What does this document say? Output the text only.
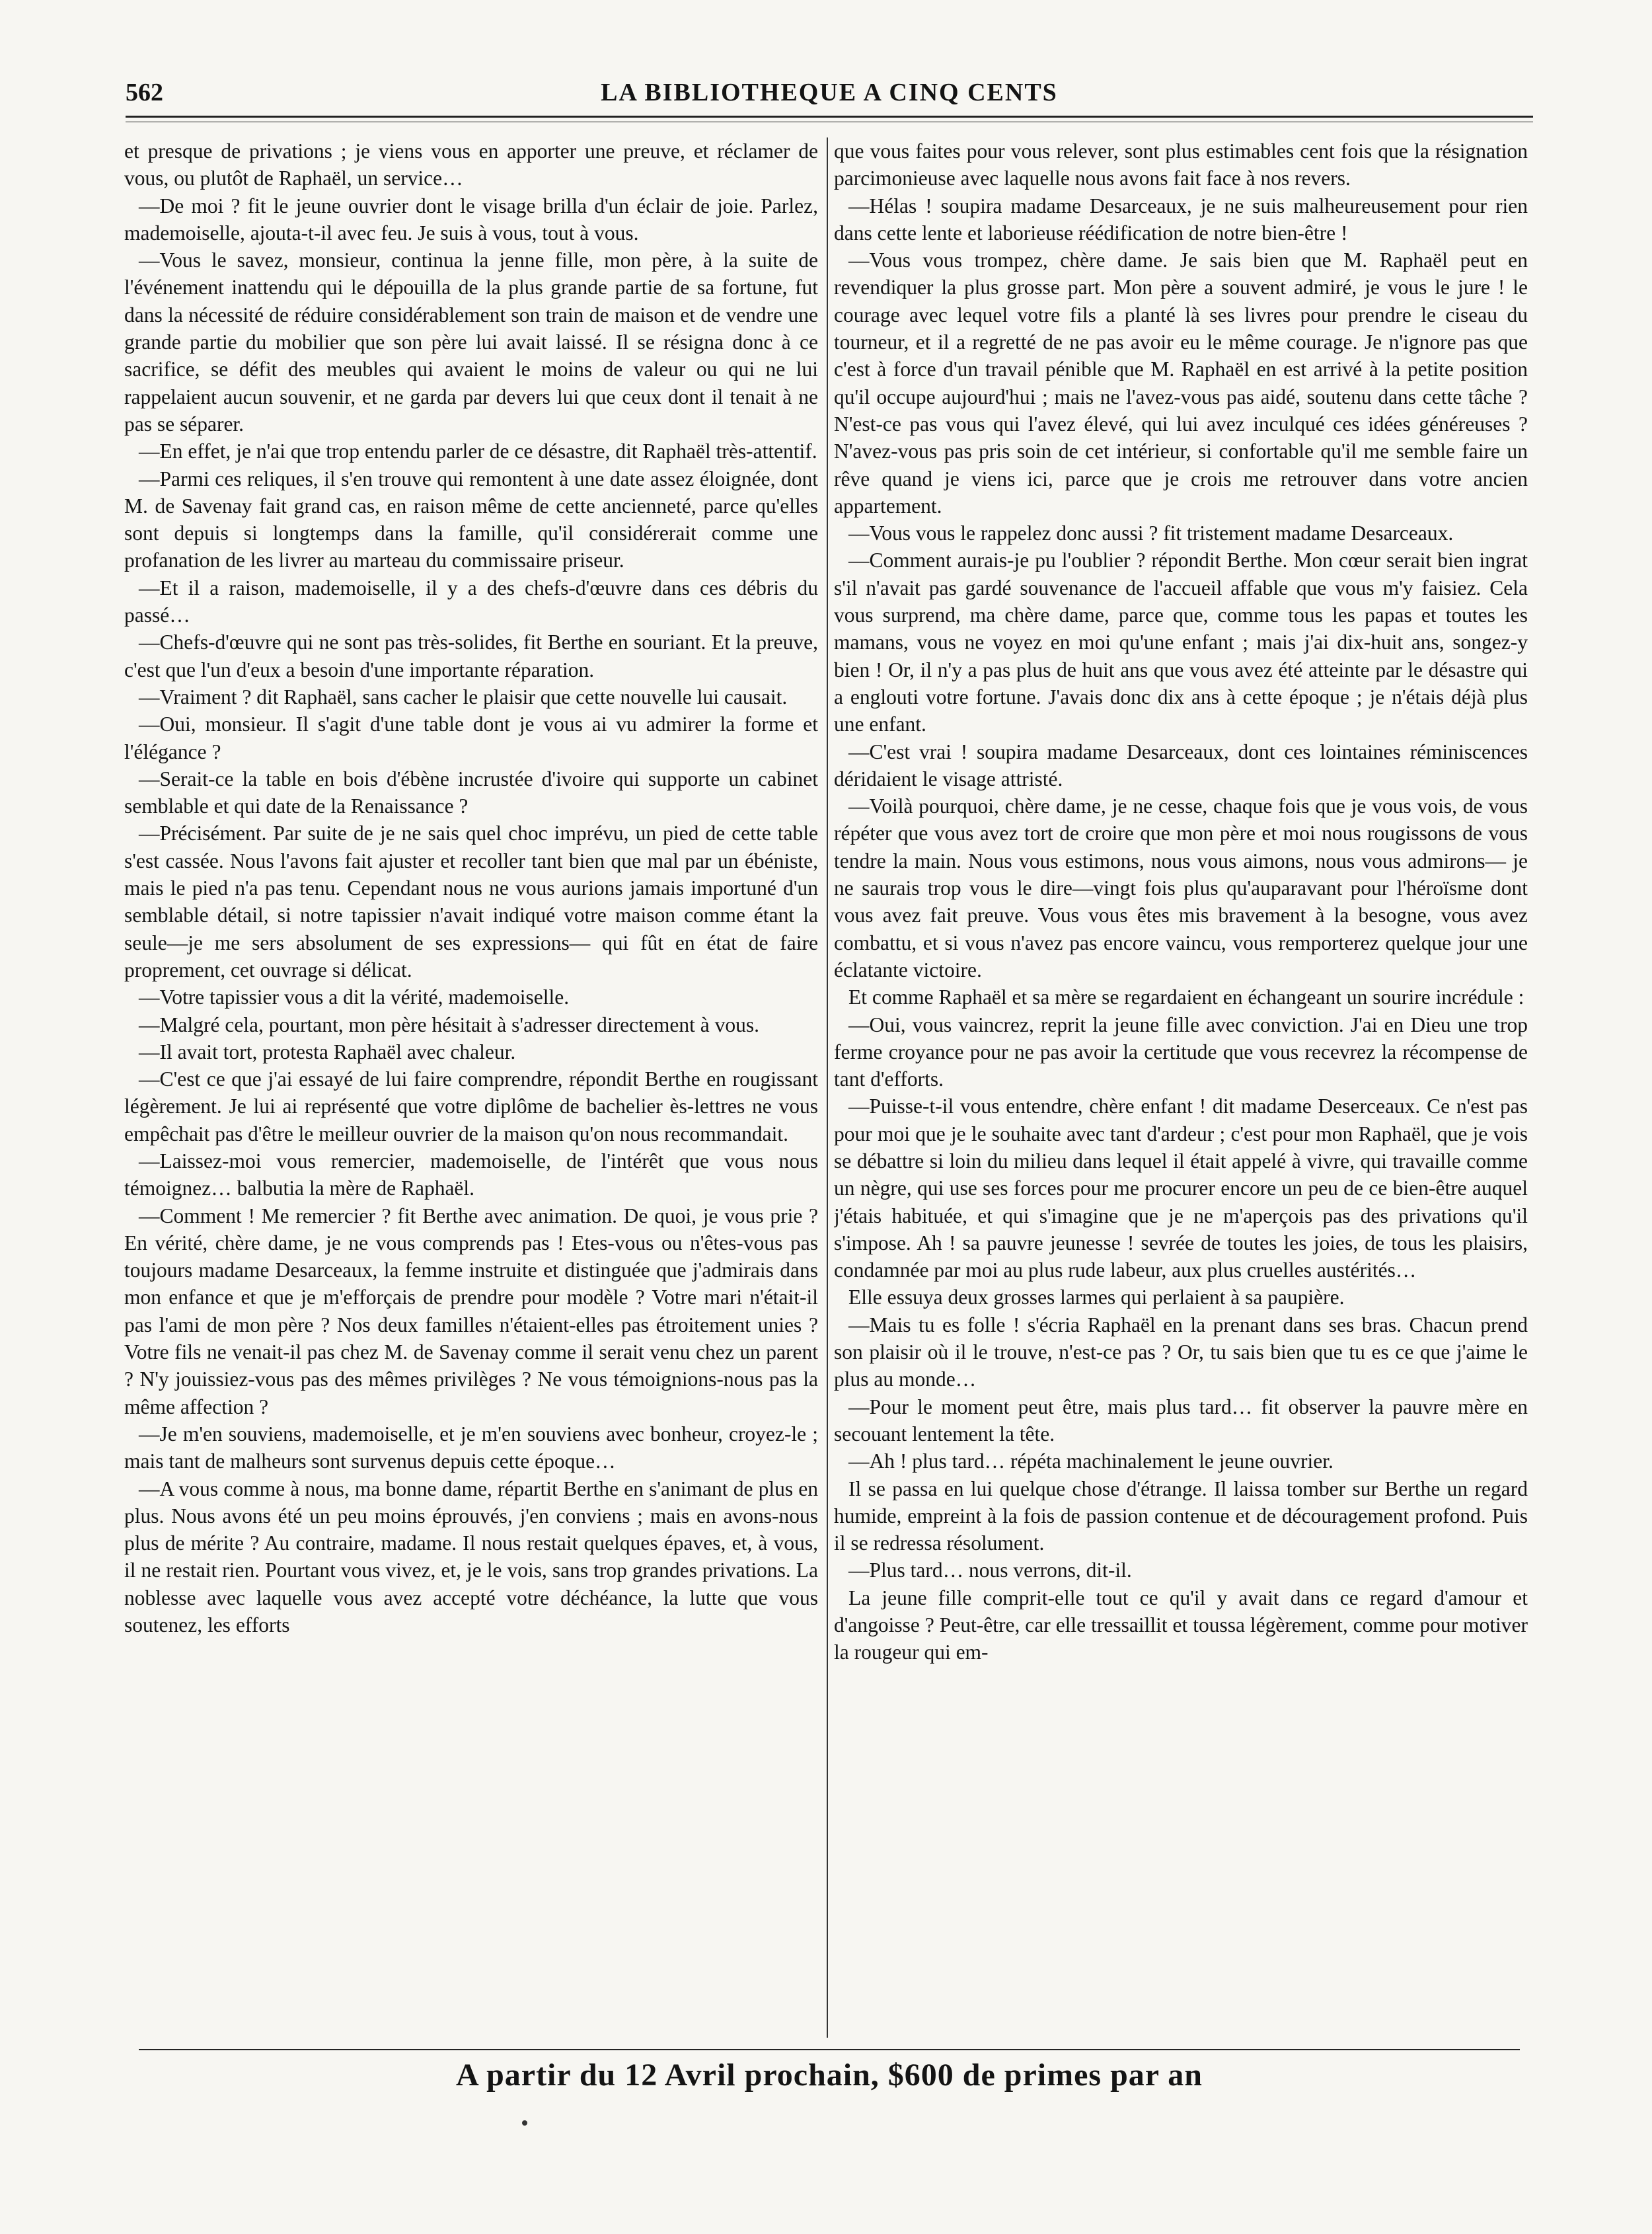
562	LA BIBLIOTHEQUE A CINQ CENTS

et presque de privations ; je viens vous en apporter une preuve, et réclamer de vous, ou plutôt de Raphaël, un service…

—De moi ? fit le jeune ouvrier dont le visage brilla d'un éclair de joie. Parlez, mademoiselle, ajouta-t-il avec feu. Je suis à vous, tout à vous.

—Vous le savez, monsieur, continua la jenne fille, mon père, à la suite de l'événement inattendu qui le dépouilla de la plus grande partie de sa fortune, fut dans la nécessité de réduire considérablement son train de maison et de vendre une grande partie du mobilier que son père lui avait laissé. Il se résigna donc à ce sacrifice, se défit des meubles qui avaient le moins de valeur ou qui ne lui rappelaient aucun souvenir, et ne garda par devers lui que ceux dont il tenait à ne pas se séparer.

—En effet, je n'ai que trop entendu parler de ce désastre, dit Raphaël très-attentif.

—Parmi ces reliques, il s'en trouve qui remontent à une date assez éloignée, dont M. de Savenay fait grand cas, en raison même de cette ancienneté, parce qu'elles sont depuis si longtemps dans la famille, qu'il considérerait comme une profanation de les livrer au marteau du commissaire priseur.

—Et il a raison, mademoiselle, il y a des chefs-d'œuvre dans ces débris du passé…

—Chefs-d'œuvre qui ne sont pas très-solides, fit Berthe en souriant. Et la preuve, c'est que l'un d'eux a besoin d'une importante réparation.

—Vraiment ? dit Raphaël, sans cacher le plaisir que cette nouvelle lui causait.

—Oui, monsieur. Il s'agit d'une table dont je vous ai vu admirer la forme et l'élégance ?

—Serait-ce la table en bois d'ébène incrustée d'ivoire qui supporte un cabinet semblable et qui date de la Renaissance ?

—Précisément. Par suite de je ne sais quel choc imprévu, un pied de cette table s'est cassée. Nous l'avons fait ajuster et recoller tant bien que mal par un ébéniste, mais le pied n'a pas tenu. Cependant nous ne vous aurions jamais importuné d'un semblable détail, si notre tapissier n'avait indiqué votre maison comme étant la seule—je me sers absolument de ses expressions— qui fût en état de faire proprement, cet ouvrage si délicat.

—Votre tapissier vous a dit la vérité, mademoiselle.

—Malgré cela, pourtant, mon père hésitait à s'adresser directement à vous.

—Il avait tort, protesta Raphaël avec chaleur.

—C'est ce que j'ai essayé de lui faire comprendre, répondit Berthe en rougissant légèrement. Je lui ai représenté que votre diplôme de bachelier ès-lettres ne vous empêchait pas d'être le meilleur ouvrier de la maison qu'on nous recommandait.

—Laissez-moi vous remercier, mademoiselle, de l'intérêt que vous nous témoignez… balbutia la mère de Raphaël.

—Comment ! Me remercier ? fit Berthe avec animation. De quoi, je vous prie ? En vérité, chère dame, je ne vous comprends pas ! Etes-vous ou n'êtes-vous pas toujours madame Desarceaux, la femme instruite et distinguée que j'admirais dans mon enfance et que je m'efforçais de prendre pour modèle ? Votre mari n'était-il pas l'ami de mon père ? Nos deux familles n'étaient-elles pas étroitement unies ? Votre fils ne venait-il pas chez M. de Savenay comme il serait venu chez un parent ? N'y jouissiez-vous pas des mêmes privilèges ? Ne vous témoignions-nous pas la même affection ?

—Je m'en souviens, mademoiselle, et je m'en souviens avec bonheur, croyez-le ; mais tant de malheurs sont survenus depuis cette époque…

—A vous comme à nous, ma bonne dame, répartit Berthe en s'animant de plus en plus. Nous avons été un peu moins éprouvés, j'en conviens ; mais en avons-nous plus de mérite ? Au contraire, madame. Il nous restait quelques épaves, et, à vous, il ne restait rien. Pourtant vous vivez, et, je le vois, sans trop grandes privations. La noblesse avec laquelle vous avez accepté votre déchéance, la lutte que vous soutenez, les efforts

que vous faites pour vous relever, sont plus estimables cent fois que la résignation parcimonieuse avec laquelle nous avons fait face à nos revers.

—Hélas ! soupira madame Desarceaux, je ne suis malheureusement pour rien dans cette lente et laborieuse réédification de notre bien-être !

—Vous vous trompez, chère dame. Je sais bien que M. Raphaël peut en revendiquer la plus grosse part. Mon père a souvent admiré, je vous le jure ! le courage avec lequel votre fils a planté là ses livres pour prendre le ciseau du tourneur, et il a regretté de ne pas avoir eu le même courage. Je n'ignore pas que c'est à force d'un travail pénible que M. Raphaël en est arrivé à la petite position qu'il occupe aujourd'hui ; mais ne l'avez-vous pas aidé, soutenu dans cette tâche ? N'est-ce pas vous qui l'avez élevé, qui lui avez inculqué ces idées généreuses ? N'avez-vous pas pris soin de cet intérieur, si confortable qu'il me semble faire un rêve quand je viens ici, parce que je crois me retrouver dans votre ancien appartement.

—Vous vous le rappelez donc aussi ? fit tristement madame Desarceaux.

—Comment aurais-je pu l'oublier ? répondit Berthe. Mon cœur serait bien ingrat s'il n'avait pas gardé souvenance de l'accueil affable que vous m'y faisiez. Cela vous surprend, ma chère dame, parce que, comme tous les papas et toutes les mamans, vous ne voyez en moi qu'une enfant ; mais j'ai dix-huit ans, songez-y bien ! Or, il n'y a pas plus de huit ans que vous avez été atteinte par le désastre qui a englouti votre fortune. J'avais donc dix ans à cette époque ; je n'étais déjà plus une enfant.

—C'est vrai ! soupira madame Desarceaux, dont ces lointaines réminiscences déridaient le visage attristé.

—Voilà pourquoi, chère dame, je ne cesse, chaque fois que je vous vois, de vous répéter que vous avez tort de croire que mon père et moi nous rougissons de vous tendre la main. Nous vous estimons, nous vous aimons, nous vous admirons— je ne saurais trop vous le dire—vingt fois plus qu'auparavant pour l'héroïsme dont vous avez fait preuve. Vous vous êtes mis bravement à la besogne, vous avez combattu, et si vous n'avez pas encore vaincu, vous remporterez quelque jour une éclatante victoire.

Et comme Raphaël et sa mère se regardaient en échangeant un sourire incrédule :

—Oui, vous vaincrez, reprit la jeune fille avec conviction. J'ai en Dieu une trop ferme croyance pour ne pas avoir la certitude que vous recevrez la récompense de tant d'efforts.

—Puisse-t-il vous entendre, chère enfant ! dit madame Deserceaux. Ce n'est pas pour moi que je le souhaite avec tant d'ardeur ; c'est pour mon Raphaël, que je vois se débattre si loin du milieu dans lequel il était appelé à vivre, qui travaille comme un nègre, qui use ses forces pour me procurer encore un peu de ce bien-être auquel j'étais habituée, et qui s'imagine que je ne m'aperçois pas des privations qu'il s'impose. Ah ! sa pauvre jeunesse ! sevrée de toutes les joies, de tous les plaisirs, condamnée par moi au plus rude labeur, aux plus cruelles austérités…

Elle essuya deux grosses larmes qui perlaient à sa paupière.

—Mais tu es folle ! s'écria Raphaël en la prenant dans ses bras. Chacun prend son plaisir où il le trouve, n'est-ce pas ? Or, tu sais bien que tu es ce que j'aime le plus au monde…

—Pour le moment peut être, mais plus tard… fit observer la pauvre mère en secouant lentement la tête.

—Ah ! plus tard… répéta machinalement le jeune ouvrier.

Il se passa en lui quelque chose d'étrange. Il laissa tomber sur Berthe un regard humide, empreint à la fois de passion contenue et de découragement profond. Puis il se redressa résolument.

—Plus tard… nous verrons, dit-il.

La jeune fille comprit-elle tout ce qu'il y avait dans ce regard d'amour et d'angoisse ? Peut-être, car elle tressaillit et toussa légèrement, comme pour motiver la rougeur qui em-

A partir du 12 Avril prochain, $600 de primes par an
